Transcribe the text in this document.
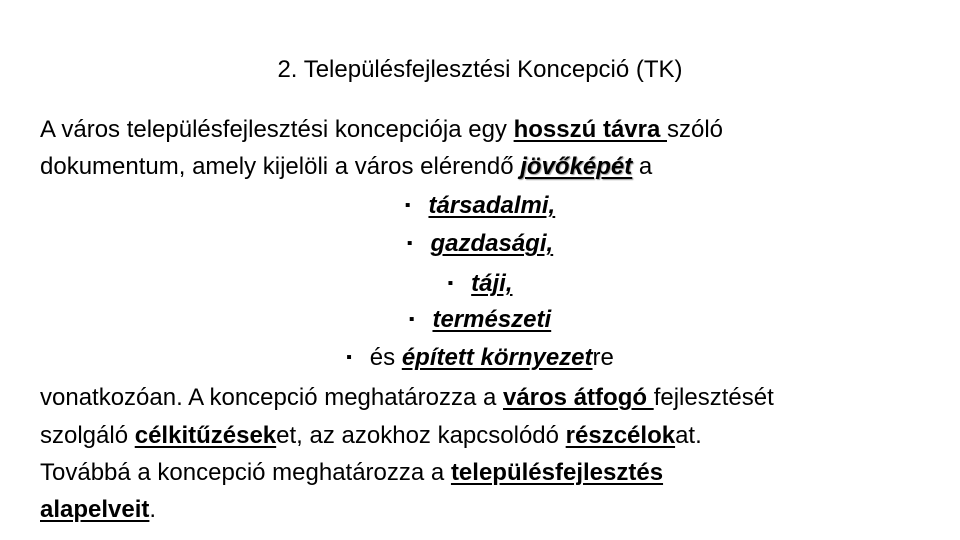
2. Településfejlesztési Koncepció (TK)
A város településfejlesztési koncepciója egy hosszú távra szóló
dokumentum, amely kijelöli a város elérendő jövőképét a
▪ társadalmi,
▪ gazdasági,
▪ táji,
▪ természeti
▪ és épített környezetre
vonatkozóan. A koncepció meghatározza a város átfogó fejlesztését
szolgáló célkitűzéseket, az azokhoz kapcsolódó részcélokat.
Továbbá a koncepció meghatározza a településfejlesztés
alapelveit.
